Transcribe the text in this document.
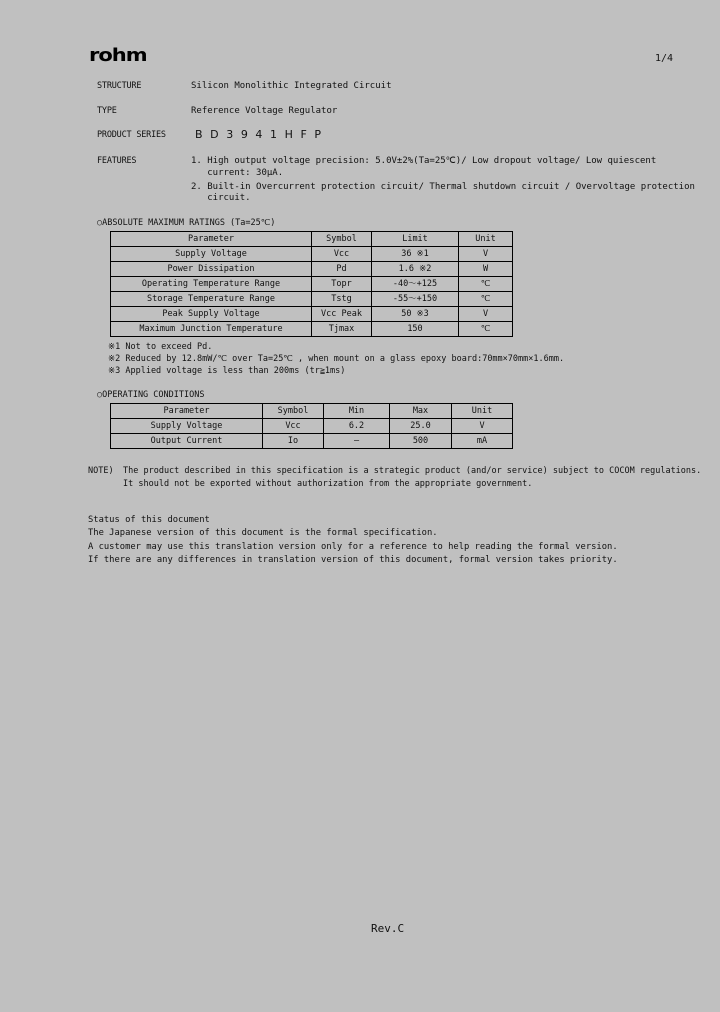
rohm	1/4
STRUCTURE	Silicon Monolithic Integrated Circuit
TYPE	Reference Voltage Regulator
PRODUCT SERIES	BD3941HFP
FEATURES	1. High output voltage precision: 5.0V±2%(Ta=25℃)/ Low dropout voltage/ Low quiescent
current: 30μA.
2. Built-in Overcurrent protection circuit/ Thermal shutdown circuit / Overvoltage protection
circuit.
○ABSOLUTE MAXIMUM RATINGS (Ta=25℃)
Parameter	Symbol	Limit	Unit
Supply Voltage	Vcc	36 ※1	V
Power Dissipation	Pd	1.6 ※2	W
Operating Temperature Range	Topr	-40～+125	℃
Storage Temperature Range	Tstg	-55～+150	℃
Peak Supply Voltage	Vcc Peak	50 ※3	V
Maximum Junction Temperature	Tjmax	150	℃
※1 Not to exceed Pd.
※2 Reduced by 12.8mW/℃ over Ta=25℃ , when mount on a glass epoxy board:70mm×70mm×1.6mm.
※3 Applied voltage is less than 200ms (tr≧1ms)
○OPERATING CONDITIONS
Parameter	Symbol	Min	Max	Unit
Supply Voltage	Vcc	6.2	25.0	V
Output Current	Io	—	500	mA
NOTE) The product described in this specification is a strategic product (and/or service) subject to COCOM regulations.
It should not be exported without authorization from the appropriate government.
Status of this document
The Japanese version of this document is the formal specification.
A customer may use this translation version only for a reference to help reading the formal version.
If there are any differences in translation version of this document, formal version takes priority.
Rev.C
